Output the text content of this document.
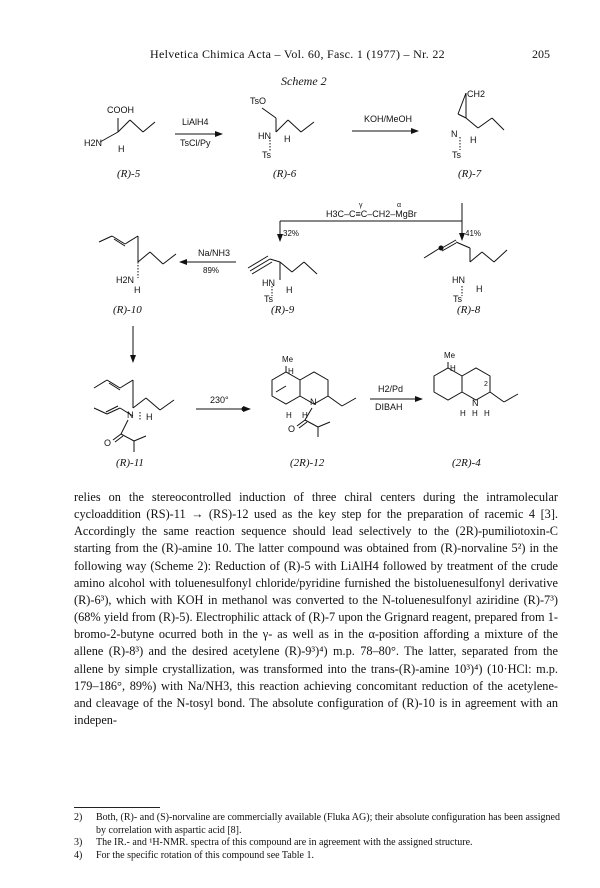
Helvetica Chimica Acta – Vol. 60, Fasc. 1 (1977) – Nr. 22	205
Scheme 2
COOH
H2N
H
(R)-5
LiAlH4
TsCl/Py
TsO
HN H
Ts
(R)-6
KOH/MeOH
CH2
N
H
Ts
(R)-7
H3C–C≡C–CH2–MgBr
γ	α
32%	41%
H2N
H
(R)-10
Na/NH3
89%
HN
H
Ts
(R)-9
HN
H
Ts
(R)-8
N H
O
(R)-11
230°
Me
H
N
H H
O
(2R)-12
H2/Pd
DIBAH
Me
H
2
N
H H H
(2R)-4

relies on the stereocontrolled induction of three chiral centers during the intramolecular cycloaddition (RS)-11 → (RS)-12 used as the key step for the preparation of racemic 4 [3]. Accordingly the same reaction sequence should lead selectively to the (2R)-pumiliotoxin-C starting from the (R)-amine 10. The latter compound was obtained from (R)-norvaline 5²) in the following way (Scheme 2): Reduction of (R)-5 with LiAlH4 followed by treatment of the crude amino alcohol with toluenesulfonyl chloride/pyridine furnished the bistoluenesulfonyl derivative (R)-6³), which with KOH in methanol was converted to the N-toluenesulfonyl aziridine (R)-7³) (68% yield from (R)-5). Electrophilic attack of (R)-7 upon the Grignard reagent, prepared from 1-bromo-2-butyne ocurred both in the γ- as well as in the α-position affording a mixture of the allene (R)-8³) and the desired acetylene (R)-9³)⁴) m.p. 78–80°. The latter, separated from the allene by simple crystallization, was transformed into the trans-(R)-amine 10³)⁴) (10·HCl: m.p. 179–186°, 89%) with Na/NH3, this reaction achieving concomitant reduction of the acetylene- and cleavage of the N-tosyl bond. The absolute configuration of (R)-10 is in agreement with an indepen-

2) Both, (R)- and (S)-norvaline are commercially available (Fluka AG); their absolute configuration has been assigned by correlation with aspartic acid [8].
3) The IR.- and ¹H-NMR. spectra of this compound are in agreement with the assigned structure.
4) For the specific rotation of this compound see Table 1.
